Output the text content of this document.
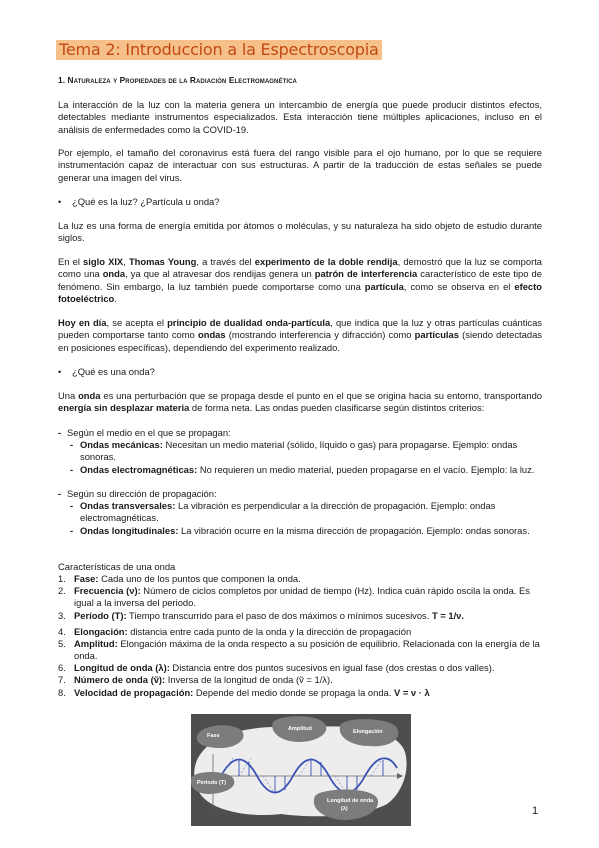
Tema 2: Introduccion a la Espectroscopia
1. Naturaleza y Propiedades de la Radiación Electromagnética

La interacción de la luz con la materia genera un intercambio de energía que puede producir distintos efectos, detectables mediante instrumentos especializados. Esta interacción tiene múltiples aplicaciones, incluso en el análisis de enfermedades como la COVID-19.

Por ejemplo, el tamaño del coronavirus está fuera del rango visible para el ojo humano, por lo que se requiere instrumentación capaz de interactuar con sus estructuras. A partir de la traducción de estas señales se puede generar una imagen del virus.

• ¿Qué es la luz? ¿Partícula u onda?

La luz es una forma de energía emitida por átomos o moléculas, y su naturaleza ha sido objeto de estudio durante siglos.

En el siglo XIX, Thomas Young, a través del experimento de la doble rendija, demostró que la luz se comporta como una onda, ya que al atravesar dos rendijas genera un patrón de interferencia característico de este tipo de fenómeno. Sin embargo, la luz también puede comportarse como una partícula, como se observa en el efecto fotoeléctrico.

Hoy en día, se acepta el principio de dualidad onda-partícula, que indica que la luz y otras partículas cuánticas pueden comportarse tanto como ondas (mostrando interferencia y difracción) como partículas (siendo detectadas en posiciones específicas), dependiendo del experimento realizado.

• ¿Qué es una onda?

Una onda es una perturbación que se propaga desde el punto en el que se origina hacia su entorno, transportando energía sin desplazar materia de forma neta. Las ondas pueden clasificarse según distintos criterios:

- Según el medio en el que se propagan:
- Ondas mecánicas: Necesitan un medio material (sólido, líquido o gas) para propagarse. Ejemplo: ondas sonoras.
- Ondas electromagnéticas: No requieren un medio material, pueden propagarse en el vacío. Ejemplo: la luz.
- Según su dirección de propagación:
- Ondas transversales: La vibración es perpendicular a la dirección de propagación. Ejemplo: ondas electromagnéticas.
- Ondas longitudinales: La vibración ocurre en la misma dirección de propagación. Ejemplo: ondas sonoras.
Características de una onda
1. Fase: Cada uno de los puntos que componen la onda.
2. Frecuencia (ν): Número de ciclos completos por unidad de tiempo (Hz). Indica cuán rápido oscila la onda. Es igual a la inversa del periodo.
3. Período (T): Tiempo transcurrido para el paso de dos máximos o mínimos sucesivos. T = 1/ν.
4. Elongación: distancia entre cada punto de la onda y la dirección de propagación
5. Amplitud: Elongación máxima de la onda respecto a su posición de equilibrio. Relacionada con la energía de la onda.
6. Longitud de onda (λ): Distancia entre dos puntos sucesivos en igual fase (dos crestas o dos valles).
7. Número de onda (ṽ): Inversa de la longitud de onda (ṽ = 1/λ).
8. Velocidad de propagación: Depende del medio donde se propaga la onda. V = ν · λ
Fase
Amplitud	Elongación
Periodo (T)
Longitud de onda
(λ)	1
